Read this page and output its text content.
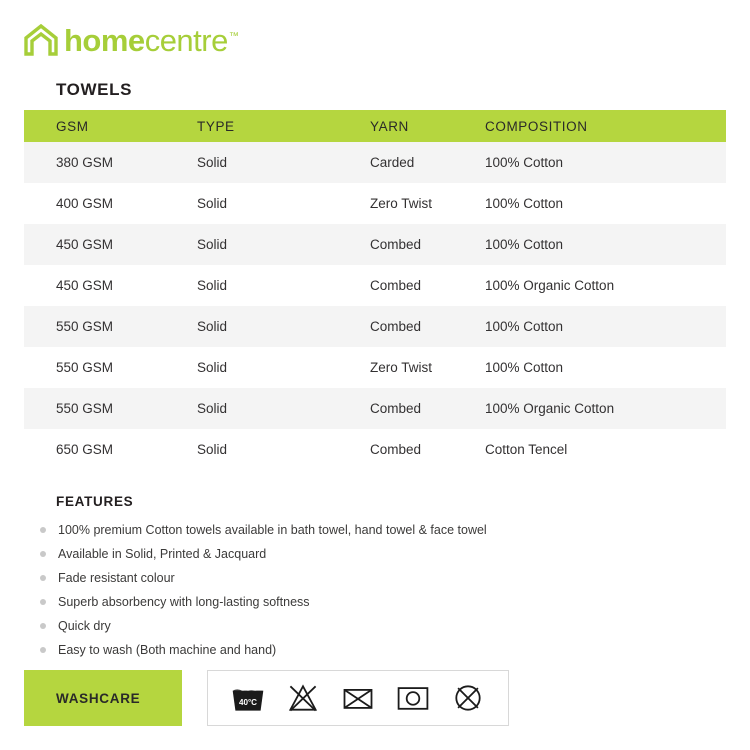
homecentre™
TOWELS
GSM	TYPE	YARN	COMPOSITION
380 GSM	Solid	Carded	100% Cotton
400 GSM	Solid	Zero Twist	100% Cotton
450 GSM	Solid	Combed	100% Cotton
450 GSM	Solid	Combed	100% Organic Cotton
550 GSM	Solid	Combed	100% Cotton
550 GSM	Solid	Zero Twist	100% Cotton
550 GSM	Solid	Combed	100% Organic Cotton
650 GSM	Solid	Combed	Cotton Tencel
FEATURES
100% premium Cotton towels available in bath towel, hand towel & face towel
Available in Solid, Printed & Jacquard
Fade resistant colour
Superb absorbency with long-lasting softness
Quick dry
Easy to wash (Both machine and hand)
WASHCARE	40°C
